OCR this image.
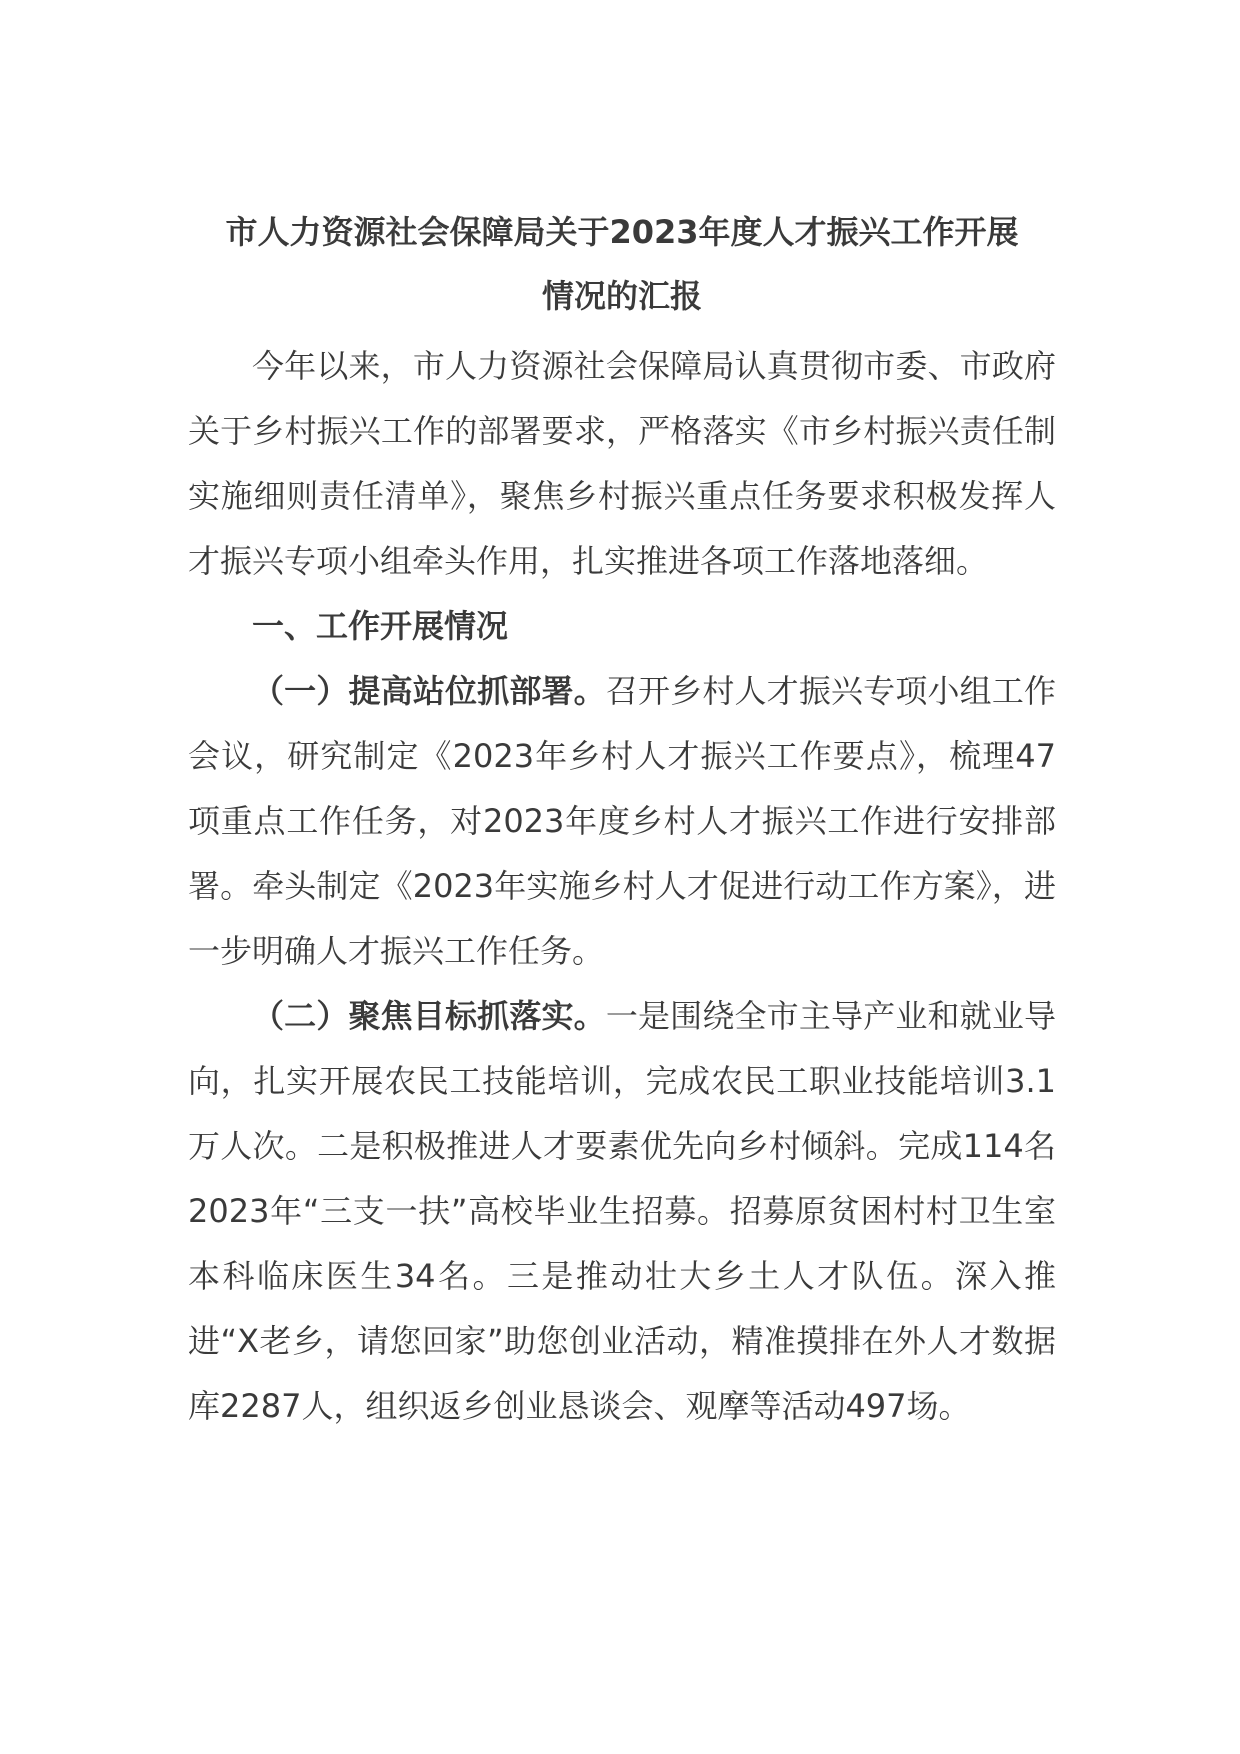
市人力资源社会保障局关于2023年度人才振兴工作开展
情况的汇报

今年以来，市人力资源社会保障局认真贯彻市委、市政府关于乡村振兴工作的部署要求，严格落实《市乡村振兴责任制实施细则责任清单》，聚焦乡村振兴重点任务要求积极发挥人才振兴专项小组牵头作用，扎实推进各项工作落地落细。

一、工作开展情况

（一）提高站位抓部署。召开乡村人才振兴专项小组工作会议，研究制定《2023年乡村人才振兴工作要点》，梳理47项重点工作任务，对2023年度乡村人才振兴工作进行安排部署。牵头制定《2023年实施乡村人才促进行动工作方案》，进一步明确人才振兴工作任务。

（二）聚焦目标抓落实。一是围绕全市主导产业和就业导向，扎实开展农民工技能培训，完成农民工职业技能培训3.1万人次。二是积极推进人才要素优先向乡村倾斜。完成114名2023年“三支一扶”高校毕业生招募。招募原贫困村村卫生室本科临床医生34名。三是推动壮大乡土人才队伍。深入推进“X老乡，请您回家”助您创业活动，精准摸排在外人才数据库2287人，组织返乡创业恳谈会、观摩等活动497场。
